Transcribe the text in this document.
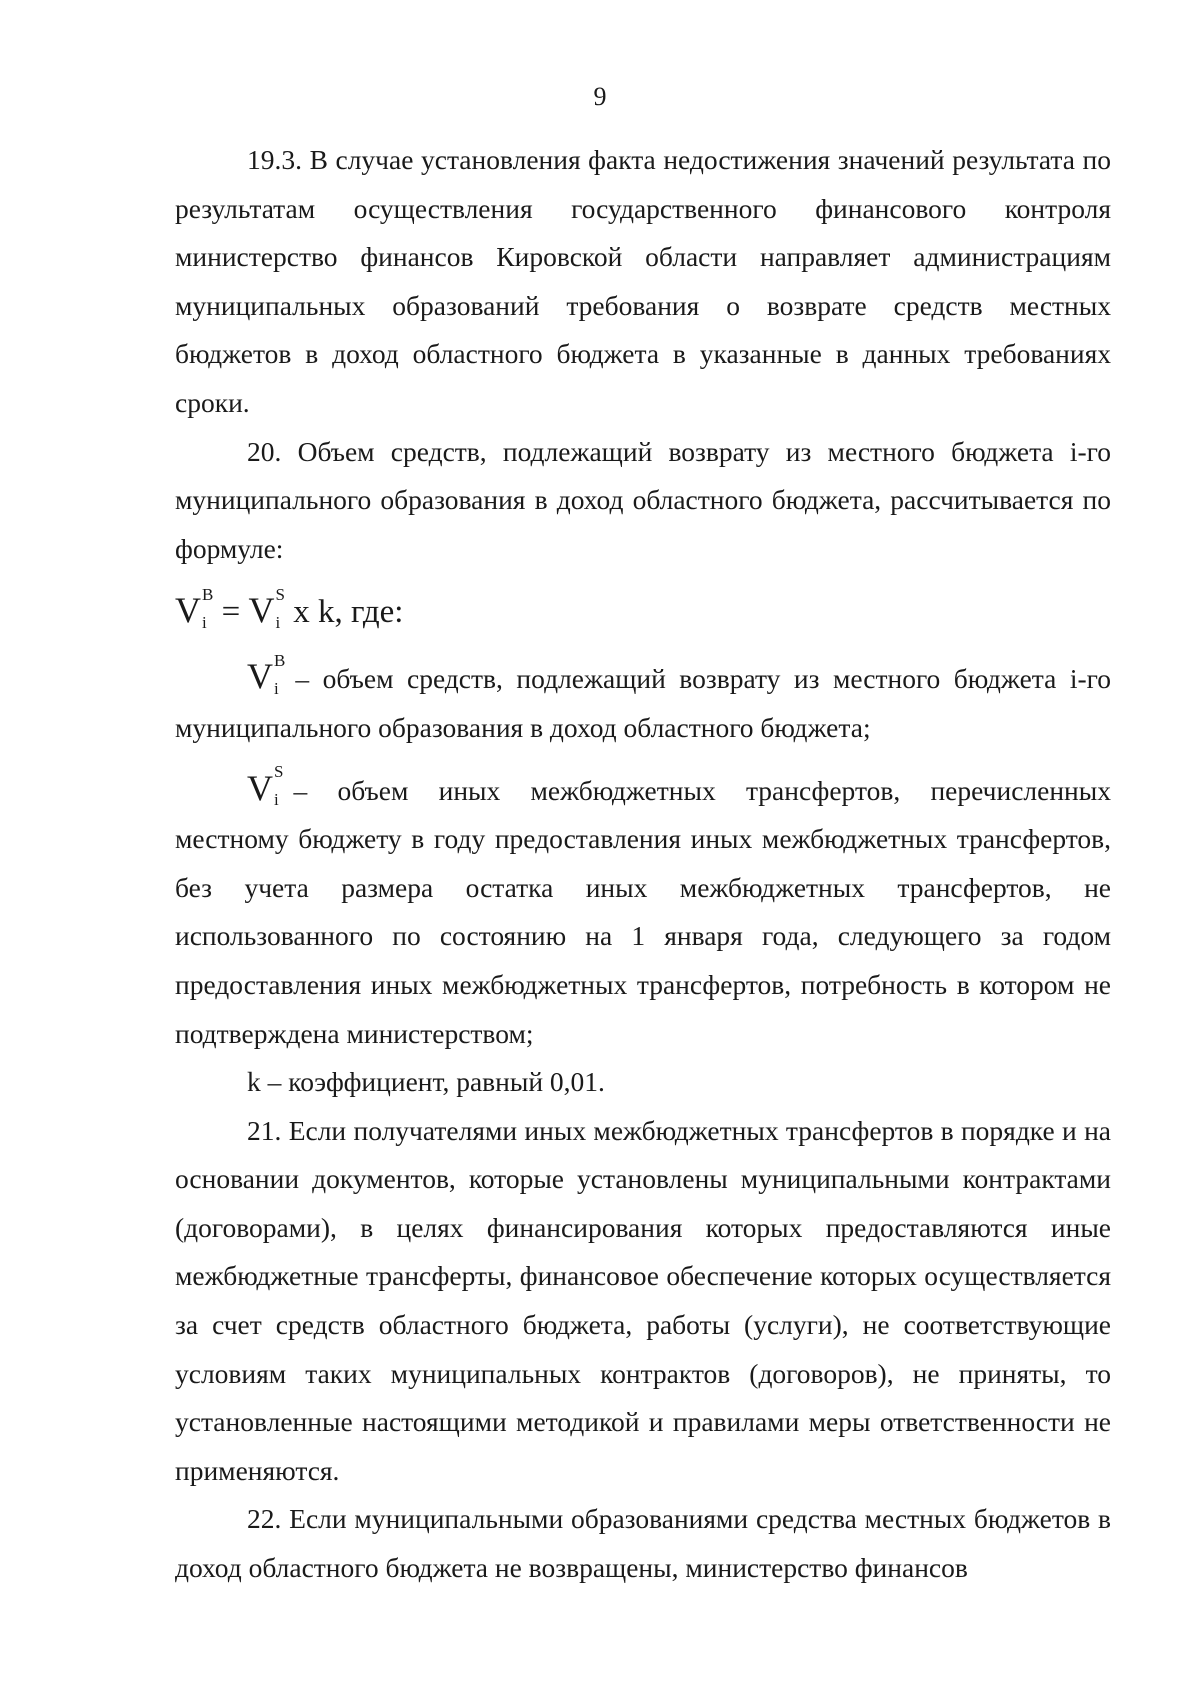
9

19.3. В случае установления факта недостижения значений результата по результатам осуществления государственного финансового контроля министерство финансов Кировской области направляет администрациям муниципальных образований требования о возврате средств местных бюджетов в доход областного бюджета в указанные в данных требованиях сроки.

20. Объем средств, подлежащий возврату из местного бюджета i-го муниципального образования в доход областного бюджета, рассчитывается по формуле:

V B
i = V S
i x k, где:

V B
i – объем средств, подлежащий возврату из местного бюджета i-го муниципального образования в доход областного бюджета;

V S
i – объем иных межбюджетных трансфертов, перечисленных местному бюджету в году предоставления иных межбюджетных трансфертов, без учета размера остатка иных межбюджетных трансфертов, не использованного по состоянию на 1 января года, следующего за годом предоставления иных межбюджетных трансфертов, потребность в котором не подтверждена министерством;

k – коэффициент, равный 0,01.

21. Если получателями иных межбюджетных трансфертов в порядке и на основании документов, которые установлены муниципальными контрактами (договорами), в целях финансирования которых предоставляются иные межбюджетные трансферты, финансовое обеспечение которых осуществляется за счет средств областного бюджета, работы (услуги), не соответствующие условиям таких муниципальных контрактов (договоров), не приняты, то установленные настоящими методикой и правилами меры ответственности не применяются.

22. Если муниципальными образованиями средства местных бюджетов в доход областного бюджета не возвращены, министерство финансов
